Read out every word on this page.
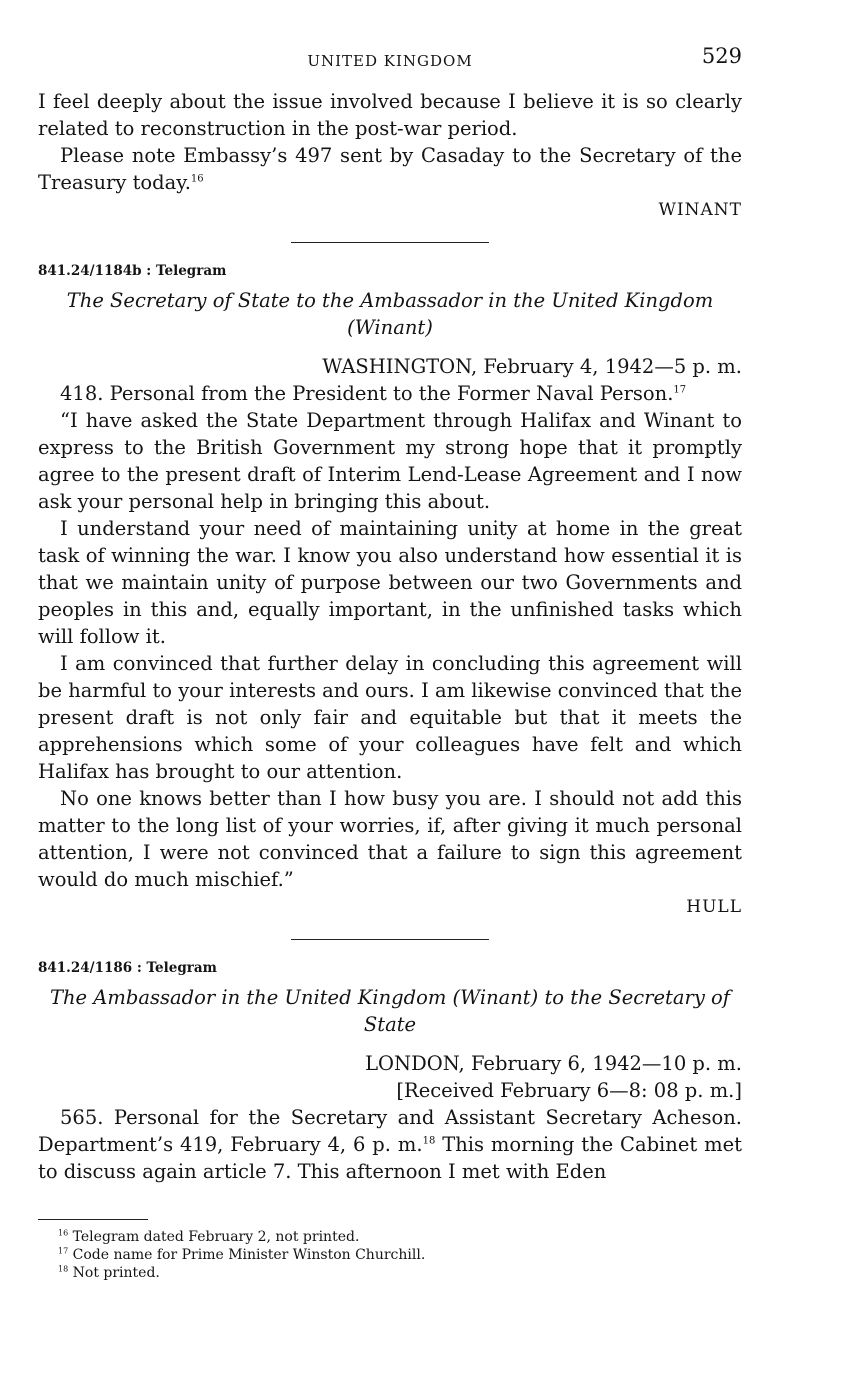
UNITED KINGDOM	529

I feel deeply about the issue involved because I believe it is so clearly related to reconstruction in the post-war period.

Please note Embassy’s 497 sent by Casaday to the Secretary of the Treasury today.$^{16}$

WINANT
841.24/1184b : Telegram

The Secretary of State to the Ambassador in the United Kingdom (Winant)

WASHINGTON, February 4, 1942—5 p. m.

418. Personal from the President to the Former Naval Person.$^{17}$

“I have asked the State Department through Halifax and Winant to express to the British Government my strong hope that it promptly agree to the present draft of Interim Lend-Lease Agreement and I now ask your personal help in bringing this about.

I understand your need of maintaining unity at home in the great task of winning the war. I know you also understand how essential it is that we maintain unity of purpose between our two Governments and peoples in this and, equally important, in the unfinished tasks which will follow it.

I am convinced that further delay in concluding this agreement will be harmful to your interests and ours. I am likewise convinced that the present draft is not only fair and equitable but that it meets the apprehensions which some of your colleagues have felt and which Halifax has brought to our attention.

No one knows better than I how busy you are. I should not add this matter to the long list of your worries, if, after giving it much personal attention, I were not convinced that a failure to sign this agreement would do much mischief.”

HULL
841.24/1186 : Telegram

The Ambassador in the United Kingdom (Winant) to the Secretary of State

LONDON, February 6, 1942—10 p. m.
[Received February 6—8: 08 p. m.]

565. Personal for the Secretary and Assistant Secretary Acheson. Department’s 419, February 4, 6 p. m.$^{18}$ This morning the Cabinet met to discuss again article 7. This afternoon I met with Eden

$^{16}$ Telegram dated February 2, not printed.
$^{17}$ Code name for Prime Minister Winston Churchill.
$^{18}$ Not printed.
